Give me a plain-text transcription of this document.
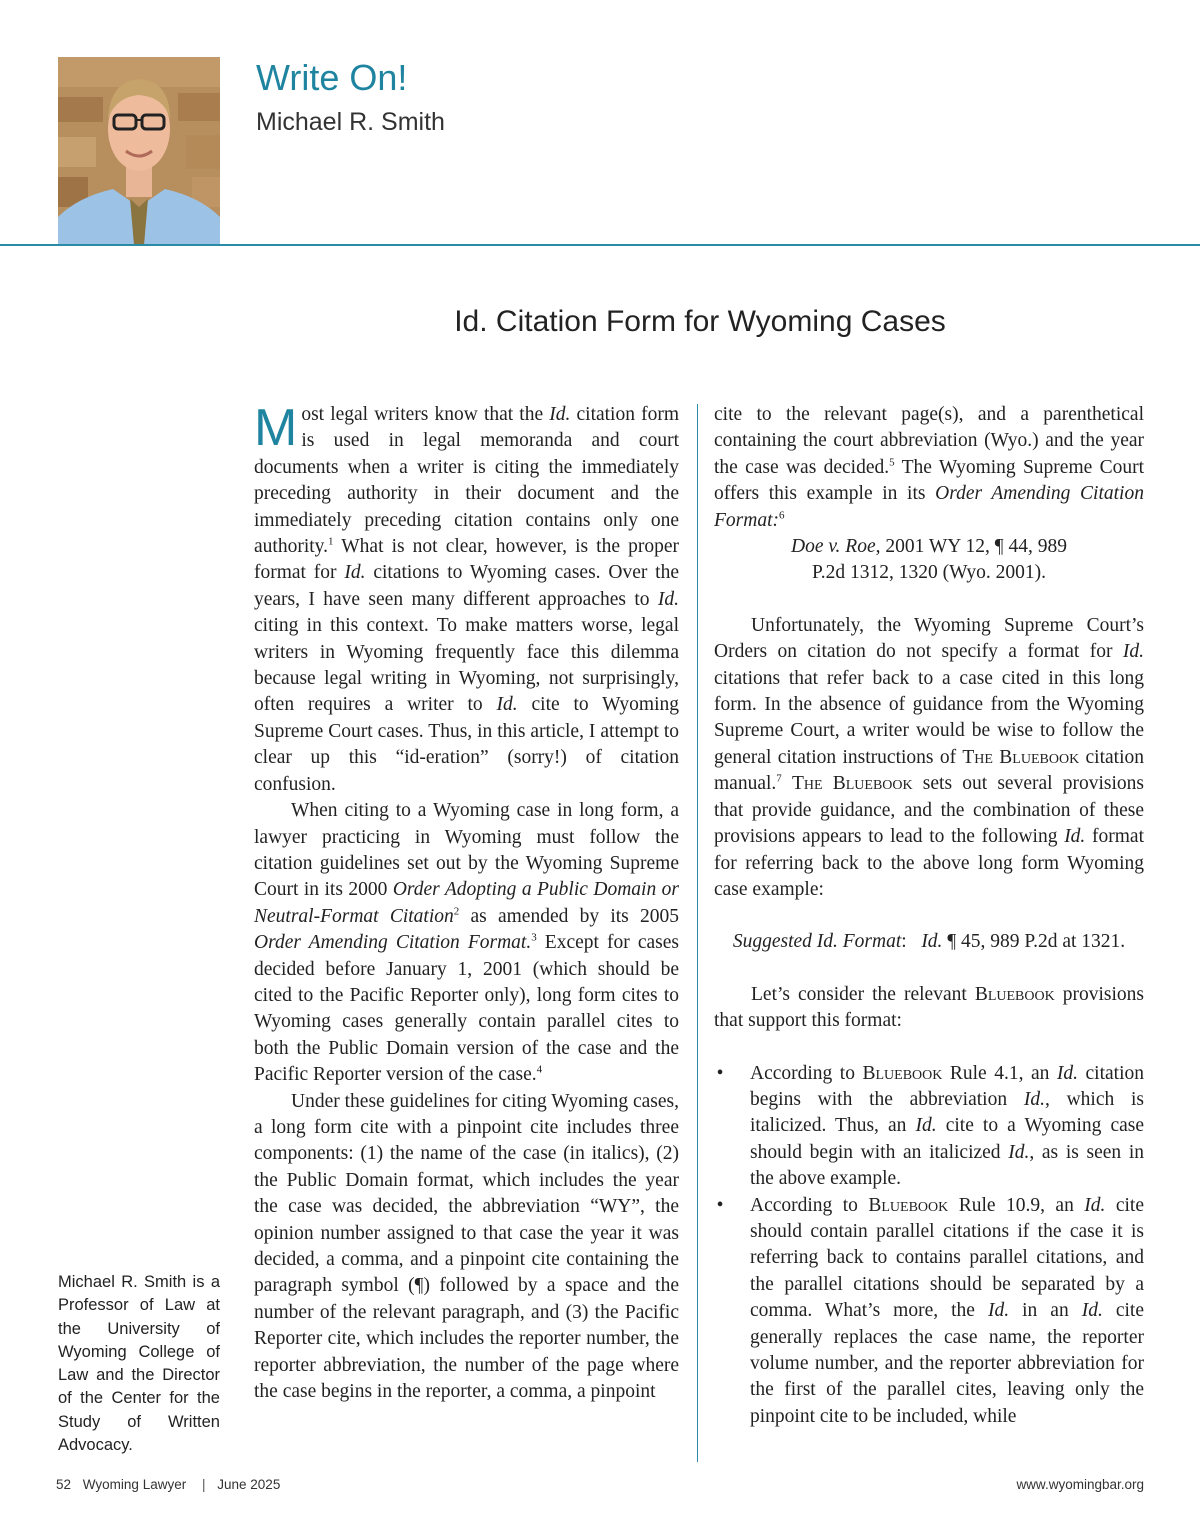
Write On!
Michael R. Smith
Id. Citation Form for Wyoming Cases

Most legal writers know that the Id. citation form is used in legal memoranda and court documents when a writer is citing the immediately preceding authority in their document and the immediately preceding citation contains only one authority.$^1$ What is not clear, however, is the proper format for Id. citations to Wyoming cases. Over the years, I have seen many different approaches to Id. citing in this context. To make matters worse, legal writers in Wyoming frequently face this dilemma because legal writing in Wyoming, not surprisingly, often requires a writer to Id. cite to Wyoming Supreme Court cases. Thus, in this article, I attempt to clear up this “id-eration” (sorry!) of citation confusion.

When citing to a Wyoming case in long form, a lawyer practicing in Wyoming must follow the citation guidelines set out by the Wyoming Supreme Court in its 2000 Order Adopting a Public Domain or Neutral-Format Citation$^2$ as amended by its 2005 Order Amending Citation Format.$^3$ Except for cases decided before January 1, 2001 (which should be cited to the Pacific Reporter only), long form cites to Wyoming cases generally contain parallel cites to both the Public Domain version of the case and the Pacific Reporter version of the case.$^4$

Under these guidelines for citing Wyoming cases, a long form cite with a pinpoint cite includes three components: (1) the name of the case (in italics), (2) the Public Domain format, which includes the year the case was decided, the abbreviation “WY”, the opinion number assigned to that case the year it was decided, a comma, and a pinpoint cite containing the paragraph symbol (¶) followed by a space and the number of the relevant paragraph, and (3) the Pacific Reporter cite, which includes the reporter number, the reporter abbreviation, the number of the page where the case begins in the reporter, a comma, a pinpoint

cite to the relevant page(s), and a parenthetical containing the court abbreviation (Wyo.) and the year the case was decided.$^5$ The Wyoming Supreme Court offers this example in its Order Amending Citation Format:$^6$

Doe v. Roe, 2001 WY 12, ¶ 44, 989
P.2d 1312, 1320 (Wyo. 2001).

Unfortunately, the Wyoming Supreme Court’s Orders on citation do not specify a format for Id. citations that refer back to a case cited in this long form. In the absence of guidance from the Wyoming Supreme Court, a writer would be wise to follow the general citation instructions of The Bluebook citation manual.$^7$ The Bluebook sets out several provisions that provide guidance, and the combination of these provisions appears to lead to the following Id. format for referring back to the above long form Wyoming case example:

Suggested Id. Format:   Id. ¶ 45, 989 P.2d at 1321.

Let’s consider the relevant Bluebook provisions that support this format:

• According to Bluebook Rule 4.1, an Id. citation begins with the abbreviation Id., which is italicized. Thus, an Id. cite to a Wyoming case should begin with an italicized Id., as is seen in the above example.
• According to Bluebook Rule 10.9, an Id. cite should contain parallel citations if the case it is referring back to contains parallel citations, and the parallel citations should be separated by a comma. What’s more, the Id. in an Id. cite generally replaces the case name, the reporter volume number, and the reporter abbreviation for the first of the parallel cites, leaving only the pinpoint cite to be included, while
Michael R. Smith is a Professor of Law at the University of Wyoming College of Law and the Director of the Center for the Study of Written Advocacy.
52 Wyoming Lawyer | June 2025	www.wyomingbar.org
